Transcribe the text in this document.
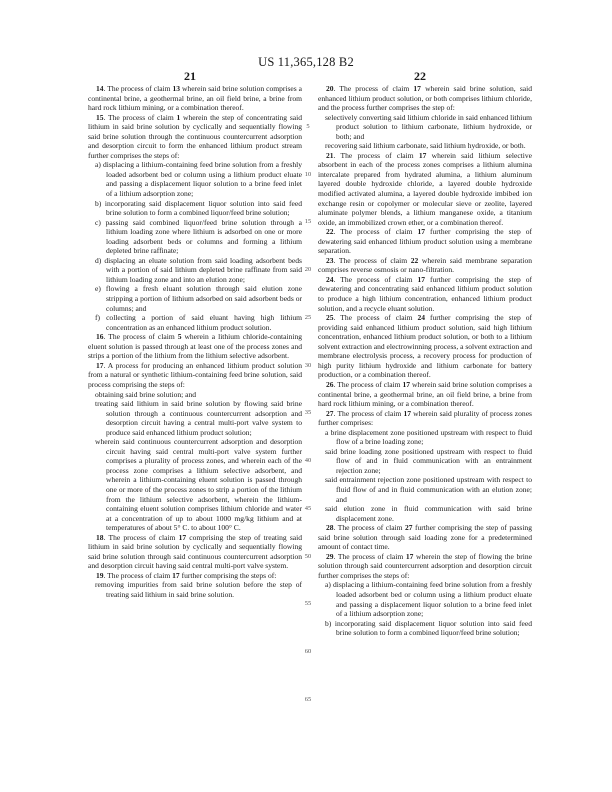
US 11,365,128 B2
21	22
5
10
15
20
25
30
35
40
45
50
55
60
65

14. The process of claim 13 wherein said brine solution comprises a continental brine, a geothermal brine, an oil field brine, a brine from hard rock lithium mining, or a combination thereof.

15. The process of claim 1 wherein the step of concentrating said lithium in said brine solution by cyclically and sequentially flowing said brine solution through the continuous countercurrent adsorption and desorption circuit to form the enhanced lithium product stream further comprises the steps of:

a) displacing a lithium-containing feed brine solution from a freshly loaded adsorbent bed or column using a lithium product eluate and passing a displacement liquor solution to a brine feed inlet of a lithium adsorption zone;

b) incorporating said displacement liquor solution into said feed brine solution to form a combined liquor/feed brine solution;

c) passing said combined liquor/feed brine solution through a lithium loading zone where lithium is adsorbed on one or more loading adsorbent beds or columns and forming a lithium depleted brine raffinate;

d) displacing an eluate solution from said loading adsorbent beds with a portion of said lithium depleted brine raffinate from said lithium loading zone and into an elution zone;

e) flowing a fresh eluant solution through said elution zone stripping a portion of lithium adsorbed on said adsorbent beds or columns; and

f) collecting a portion of said eluant having high lithium concentration as an enhanced lithium product solution.

16. The process of claim 5 wherein a lithium chloride-containing eluent solution is passed through at least one of the process zones and strips a portion of the lithium from the lithium selective adsorbent.

17. A process for producing an enhanced lithium product solution from a natural or synthetic lithium-containing feed brine solution, said process comprising the steps of:

obtaining said brine solution; and

treating said lithium in said brine solution by flowing said brine solution through a continuous countercurrent adsorption and desorption circuit having a central multi-port valve system to produce said enhanced lithium product solution;

wherein said continuous countercurrent adsorption and desorption circuit having said central multi-port valve system further comprises a plurality of process zones, and wherein each of the process zone comprises a lithium selective adsorbent, and wherein a lithium-containing eluent solution is passed through one or more of the process zones to strip a portion of the lithium from the lithium selective adsorbent, wherein the lithium-containing eluent solution comprises lithium chloride and water at a concentration of up to about 1000 mg/kg lithium and at temperatures of about 5° C. to about 100° C.

18. The process of claim 17 comprising the step of treating said lithium in said brine solution by cyclically and sequentially flowing said brine solution through said continuous countercurrent adsorption and desorption circuit having said central multi-port valve system.

19. The process of claim 17 further comprising the steps of:

removing impurities from said brine solution before the step of treating said lithium in said brine solution.

20. The process of claim 17 wherein said brine solution, said enhanced lithium product solution, or both comprises lithium chloride, and the process further comprises the step of:

selectively converting said lithium chloride in said enhanced lithium product solution to lithium carbonate, lithium hydroxide, or both; and

recovering said lithium carbonate, said lithium hydroxide, or both.

21. The process of claim 17 wherein said lithium selective absorbent in each of the process zones comprises a lithium alumina intercalate prepared from hydrated alumina, a lithium aluminum layered double hydroxide chloride, a layered double hydroxide modified activated alumina, a layered double hydroxide imbibed ion exchange resin or copolymer or molecular sieve or zeolite, layered aluminate polymer blends, a lithium manganese oxide, a titanium oxide, an immobilized crown ether, or a combination thereof.

22. The process of claim 17 further comprising the step of dewatering said enhanced lithium product solution using a membrane separation.

23. The process of claim 22 wherein said membrane separation comprises reverse osmosis or nano-filtration.

24. The process of claim 17 further comprising the step of dewatering and concentrating said enhanced lithium product solution to produce a high lithium concentration, enhanced lithium product solution, and a recycle eluant solution.

25. The process of claim 24 further comprising the step of providing said enhanced lithium product solution, said high lithium concentration, enhanced lithium product solution, or both to a lithium solvent extraction and electrowinning process, a solvent extraction and membrane electrolysis process, a recovery process for production of high purity lithium hydroxide and lithium carbonate for battery production, or a combination thereof.

26. The process of claim 17 wherein said brine solution comprises a continental brine, a geothermal brine, an oil field brine, a brine from hard rock lithium mining, or a combination thereof.

27. The process of claim 17 wherein said plurality of process zones further comprises:

a brine displacement zone positioned upstream with respect to fluid flow of a brine loading zone;

said brine loading zone positioned upstream with respect to fluid flow of and in fluid communication with an entrainment rejection zone;

said entrainment rejection zone positioned upstream with respect to fluid flow of and in fluid communication with an elution zone; and

said elution zone in fluid communication with said brine displacement zone.

28. The process of claim 27 further comprising the step of passing said brine solution through said loading zone for a predetermined amount of contact time.

29. The process of claim 17 wherein the step of flowing the brine solution through said countercurrent adsorption and desorption circuit further comprises the steps of:

a) displacing a lithium-containing feed brine solution from a freshly loaded adsorbent bed or column using a lithium product eluate and passing a displacement liquor solution to a brine feed inlet of a lithium adsorption zone;

b) incorporating said displacement liquor solution into said feed brine solution to form a combined liquor/feed brine solution;
